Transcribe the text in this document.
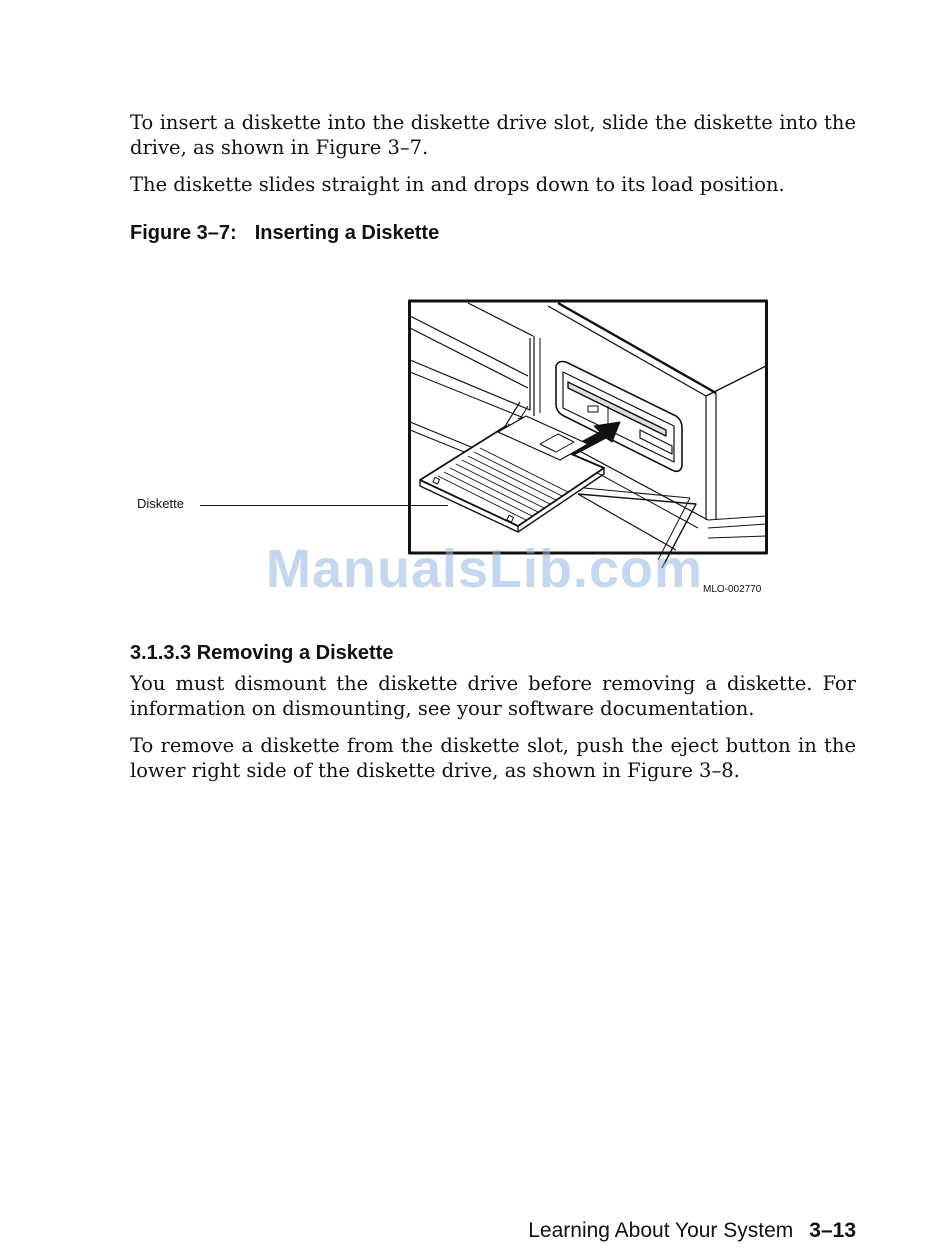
To insert a diskette into the diskette drive slot, slide the diskette into the drive, as shown in Figure 3–7.

The diskette slides straight in and drops down to its load position.

Figure 3–7: Inserting a Diskette
Diskette
ManualsLib.com MLO-002770
3.1.3.3 Removing a Diskette

You must dismount the diskette drive before removing a diskette. For information on dismounting, see your software documentation.

To remove a diskette from the diskette slot, push the eject button in the lower right side of the diskette drive, as shown in Figure 3–8.

Learning About Your System 3–13
